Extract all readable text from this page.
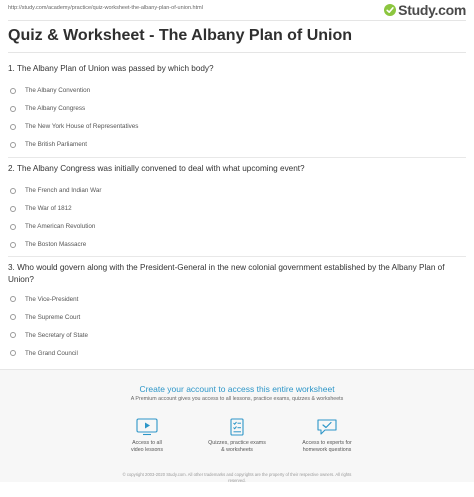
http://study.com/academy/practice/quiz-worksheet-the-albany-plan-of-union.html	Study.com
Quiz & Worksheet - The Albany Plan of Union
1. The Albany Plan of Union was passed by which body?
The Albany Convention
The Albany Congress
The New York House of Representatives
The British Parliament
2. The Albany Congress was initially convened to deal with what upcoming event?
The French and Indian War
The War of 1812
The American Revolution
The Boston Massacre
3. Who would govern along with the President-General in the new colonial government established by the Albany Plan of Union?
The Vice-President
The Supreme Court
The Secretary of State
The Grand Council
Create your account to access this entire worksheet
A Premium account gives you access to all lessons, practice exams, quizzes & worksheets
Access to all
video lessons
Quizzes, practice exams
& worksheets
Access to experts for
homework questions
© copyright 2003-2020 Study.com. All other trademarks and copyrights are the property of their respective owners. All rights
reserved.
